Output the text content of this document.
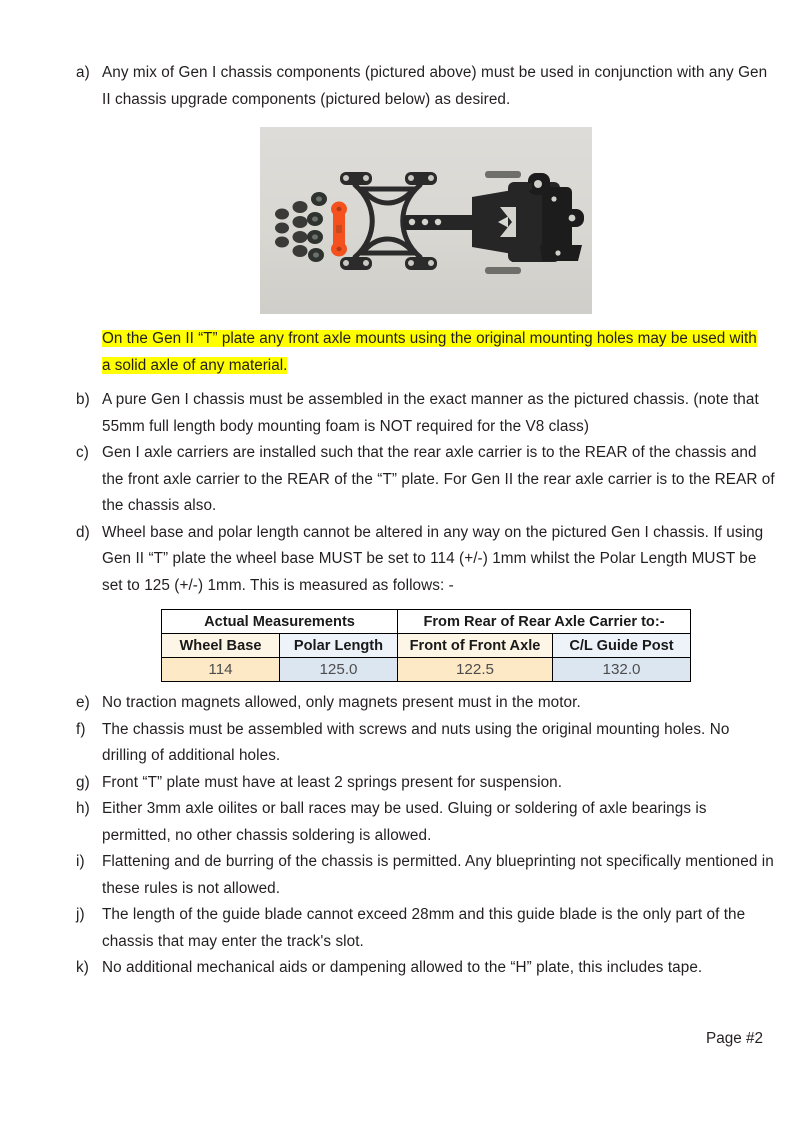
a) Any mix of Gen I chassis components (pictured above) must be used in conjunction with any Gen II chassis upgrade components (pictured below) as desired.
On the Gen II “T” plate any front axle mounts using the original mounting holes may be used with a solid axle of any material.
b) A pure Gen I chassis must be assembled in the exact manner as the pictured chassis. (note that 55mm full length body mounting foam is NOT required for the V8 class)
c) Gen I axle carriers are installed such that the rear axle carrier is to the REAR of the chassis and the front axle carrier to the REAR of the “T” plate. For Gen II the rear axle carrier is to the REAR of the chassis also.
d) Wheel base and polar length cannot be altered in any way on the pictured Gen I chassis. If using Gen II “T” plate the wheel base MUST be set to 114 (+/-) 1mm whilst the Polar Length MUST be set to 125 (+/-) 1mm. This is measured as follows: -
Actual Measurements		From Rear of Rear Axle Carrier to:-	
Wheel Base	Polar Length	Front of Front Axle	C/L Guide Post
114	125.0	122.5	132.0
e) No traction magnets allowed, only magnets present must in the motor.
f)	The chassis must be assembled with screws and nuts using the original mounting holes. No drilling of additional holes.
g) Front “T” plate must have at least 2 springs present for suspension.
h) Either 3mm axle oilites or ball races may be used. Gluing or soldering of axle bearings is permitted, no other chassis soldering is allowed.
i)	Flattening and de burring of the chassis is permitted. Any blueprinting not specifically mentioned in these rules is not allowed.
j)	The length of the guide blade cannot exceed 28mm and this guide blade is the only part of the chassis that may enter the track's slot.
k) No additional mechanical aids or dampening allowed to the “H” plate, this includes tape.
Page #2
